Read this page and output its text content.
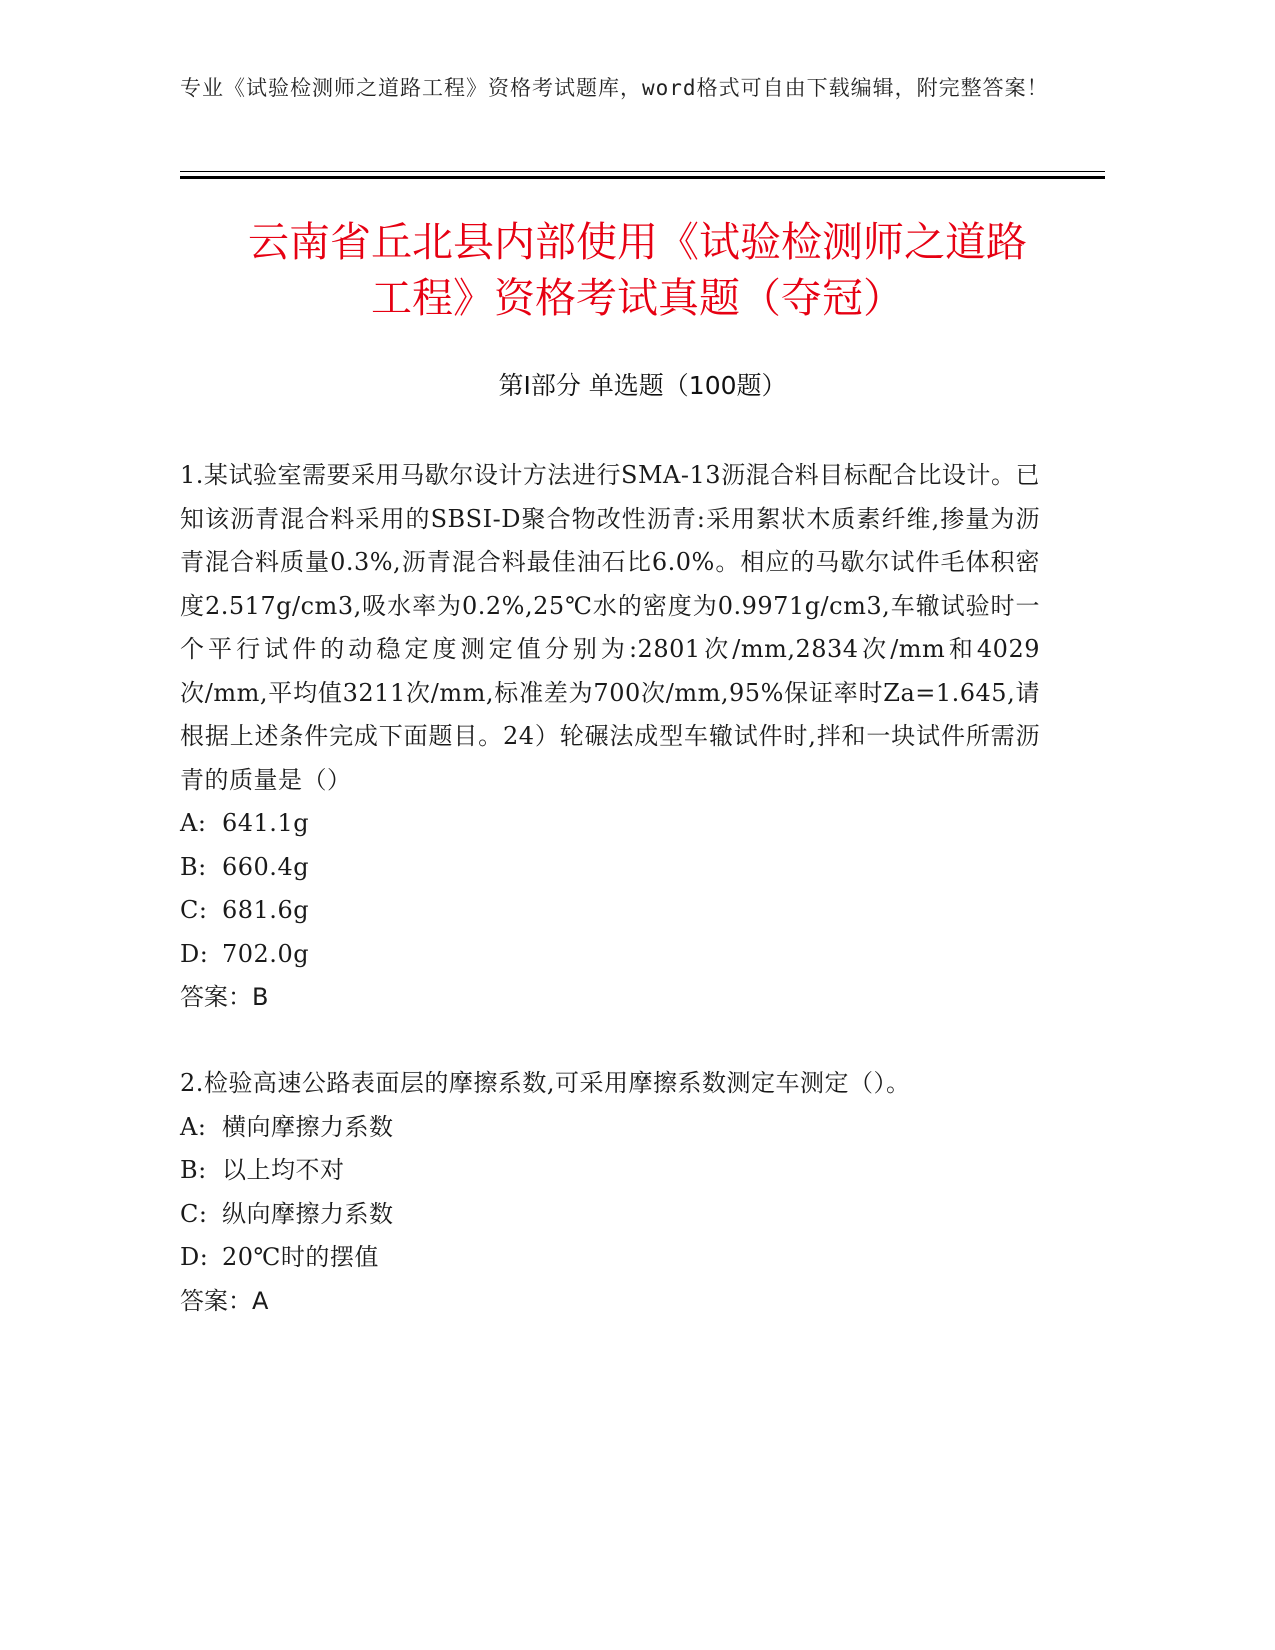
专业《试验检测师之道路工程》资格考试题库，word格式可自由下载编辑，附完整答案！
云南省丘北县内部使用《试验检测师之道路
工程》资格考试真题（夺冠）
第Ⅰ部分 单选题（100题）

1.某试验室需要采用马歇尔设计方法进行SMA-13沥混合料目标配合比设计。已知该沥青混合料采用的SBSI-D聚合物改性沥青:采用絮状木质素纤维,掺量为沥青混合料质量0.3%,沥青混合料最佳油石比6.0%。相应的马歇尔试件毛体积密度2.517g/cm3,吸水率为0.2%,25℃水的密度为0.9971g/cm3,车辙试验时一个平行试件的动稳定度测定值分别为:2801次/mm,2834次/mm和4029次/mm,平均值3211次/mm,标准差为700次/mm,95%保证率时Za=1.645,请根据上述条件完成下面题目。24）轮碾法成型车辙试件时,拌和一块试件所需沥青的质量是（）

A: 641.1g

B: 660.4g

C: 681.6g

D: 702.0g

答案：B

2.检验高速公路表面层的摩擦系数,可采用摩擦系数测定车测定（）。

A: 横向摩擦力系数

B: 以上均不对

C: 纵向摩擦力系数

D: 20℃时的摆值

答案：A
